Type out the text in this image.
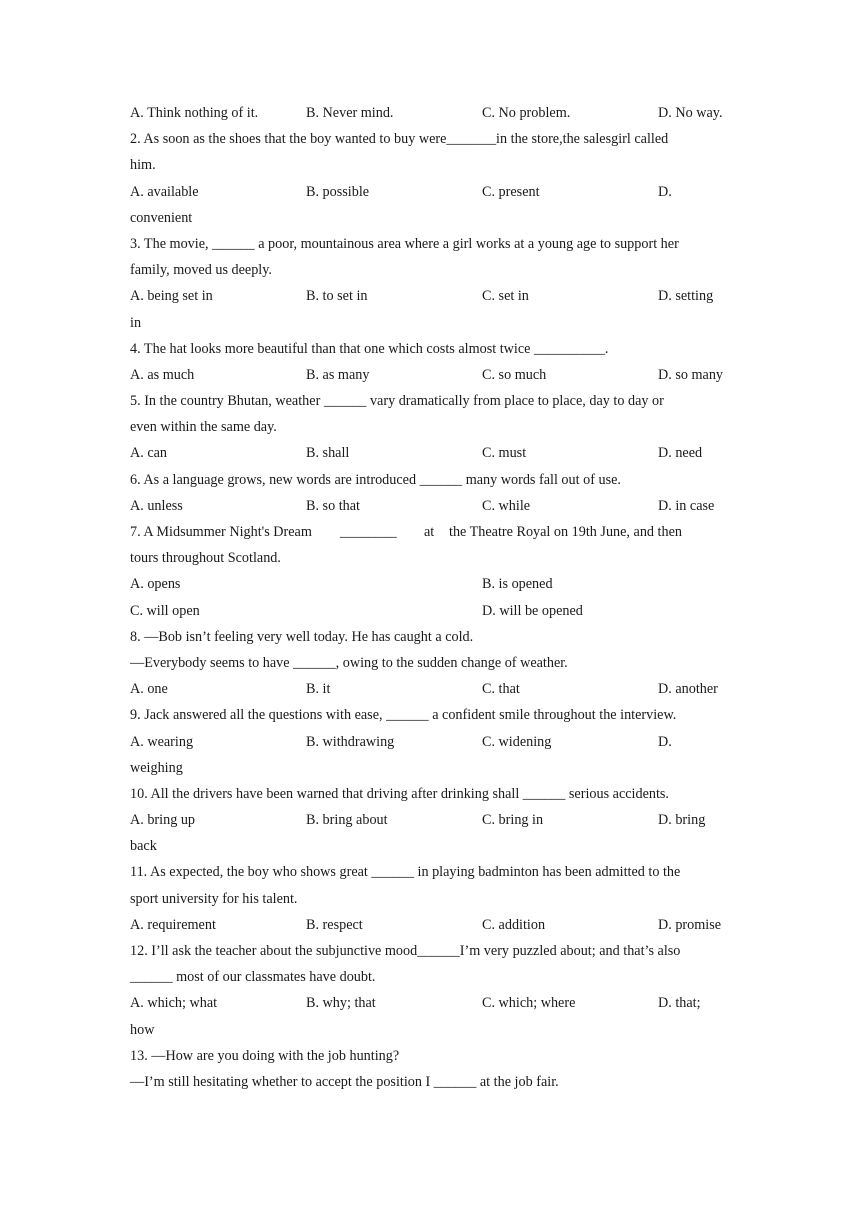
A. Think nothing of it.	B. Never mind.	C. No problem.	D. No way.
2. As soon as the shoes that the boy wanted to buy were_______in the store,the salesgirl called
him.
A. available	B. possible	C. present	D.
convenient
3. The movie, ______ a poor, mountainous area where a girl works at a young age to support her
family, moved us deeply.
A. being set in	B. to set in	C. set in	D. setting
in
4. The hat looks more beautiful than that one which costs almost twice __________.
A. as much	B. as many	C. so much	D. so many
5. In the country Bhutan, weather ______ vary dramatically from place to place, day to day or
even within the same day.
A. can	B. shall	C. must	D. need
6. As a language grows, new words are introduced ______ many words fall out of use.
A. unless	B. so that	C. while	D. in case
7. A Midsummer Night's Dream ________ at the Theatre Royal on 19th June, and then
tours throughout Scotland.
A. opens	B. is opened
C. will open	D. will be opened
8. —Bob isn’t feeling very well today. He has caught a cold.
—Everybody seems to have ______, owing to the sudden change of weather.
A. one	B. it	C. that	D. another
9. Jack answered all the questions with ease, ______ a confident smile throughout the interview.
A. wearing	B. withdrawing	C. widening	D.
weighing
10. All the drivers have been warned that driving after drinking shall ______ serious accidents.
A. bring up	B. bring about	C. bring in	D. bring
back
11. As expected, the boy who shows great ______ in playing badminton has been admitted to the
sport university for his talent.
A. requirement	B. respect	C. addition	D. promise
12. I’ll ask the teacher about the subjunctive mood______I’m very puzzled about; and that’s also
______ most of our classmates have doubt.
A. which; what	B. why; that	C. which; where	D. that;
how
13. —How are you doing with the job hunting?
—I’m still hesitating whether to accept the position I ______ at the job fair.
